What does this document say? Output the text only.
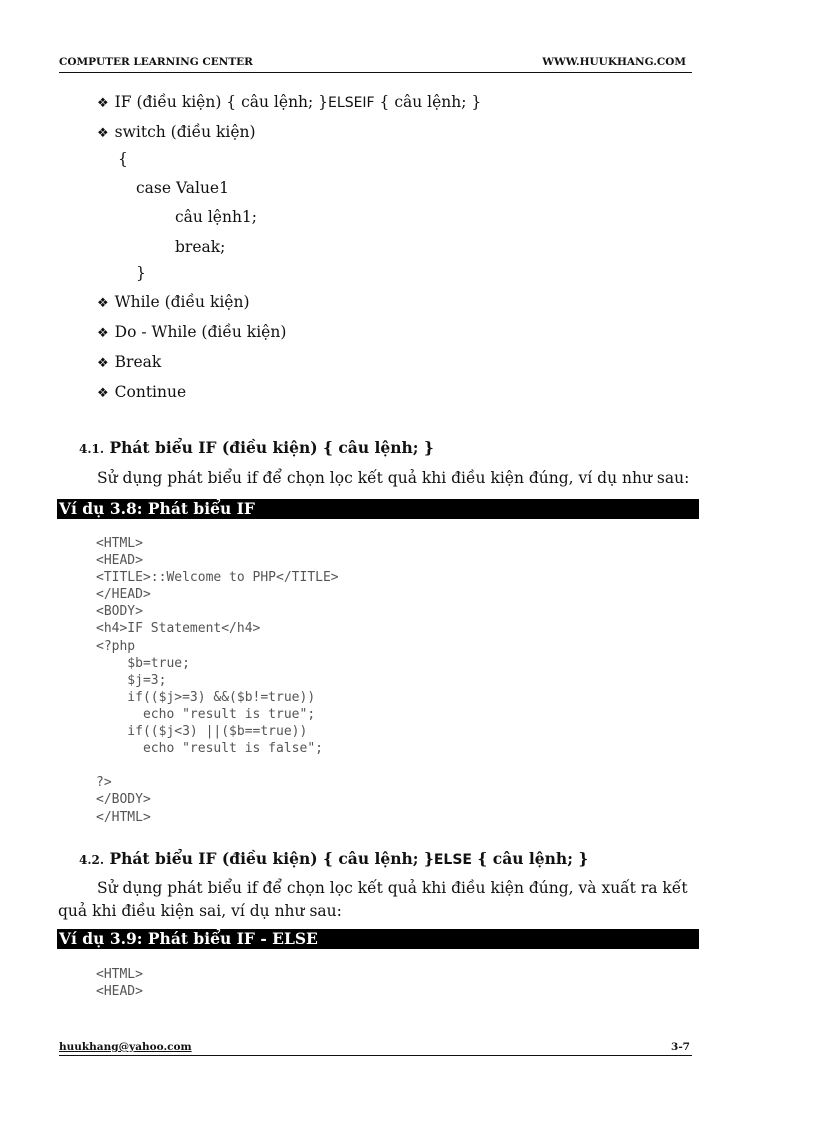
COMPUTER LEARNING CENTER	WWW.HUUKHANG.COM
❖ IF (điều kiện) { câu lệnh; }ELSEIF { câu lệnh; }
❖ switch (điều kiện)
{
case Value1
câu lệnh1;
break;
}
❖ While (điều kiện)
❖ Do - While (điều kiện)
❖ Break
❖ Continue
4.1. Phát biểu IF (điều kiện) { câu lệnh; }
Sử dụng phát biểu if để chọn lọc kết quả khi điều kiện đúng, ví dụ như sau:
Ví dụ 3.8: Phát biểu IF
<HTML>
<HEAD>
<TITLE>::Welcome to PHP</TITLE>
</HEAD>
<BODY>
<h4>IF Statement</h4>
<?php
$b=true;
$j=3;
if(($j>=3) &&($b!=true))
echo "result is true";
if(($j<3) ||($b==true))
echo "result is false";

?>
</BODY>
</HTML>
4.2. Phát biểu IF (điều kiện) { câu lệnh; }ELSE { câu lệnh; }
Sử dụng phát biểu if để chọn lọc kết quả khi điều kiện đúng, và xuất ra kết
quả khi điều kiện sai, ví dụ như sau:
Ví dụ 3.9: Phát biểu IF - ELSE
<HTML>
<HEAD>
huukhang@yahoo.com	3-7
